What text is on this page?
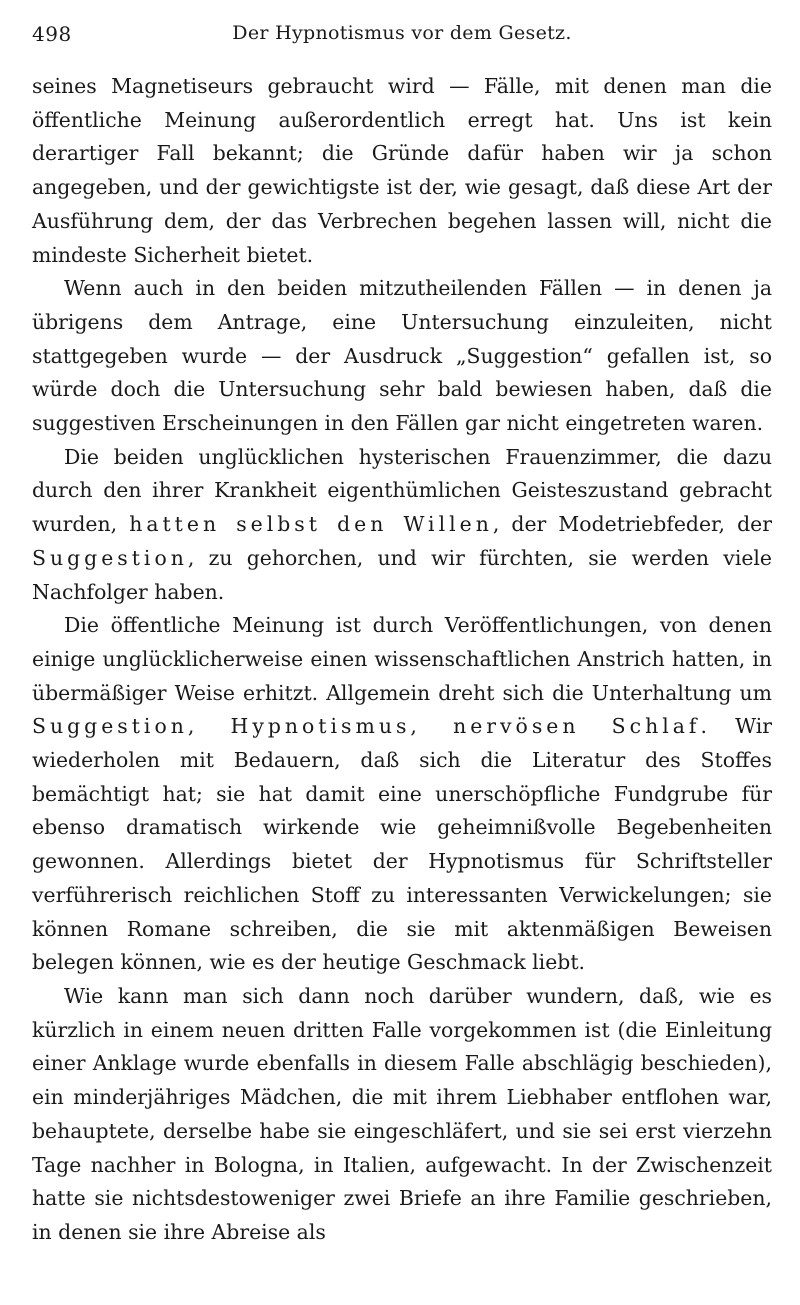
498	Der Hypnotismus vor dem Gesetz.

seines Magnetiseurs gebraucht wird — Fälle, mit denen man die öffentliche Meinung außerordentlich erregt hat. Uns ist kein derartiger Fall bekannt; die Gründe dafür haben wir ja schon angegeben, und der gewichtigste ist der, wie gesagt, daß diese Art der Ausführung dem, der das Verbrechen begehen lassen will, nicht die mindeste Sicherheit bietet.

Wenn auch in den beiden mitzutheilenden Fällen — in denen ja übrigens dem Antrage, eine Untersuchung einzuleiten, nicht stattgegeben wurde — der Ausdruck „Suggestion“ gefallen ist, so würde doch die Untersuchung sehr bald bewiesen haben, daß die suggestiven Erscheinungen in den Fällen gar nicht eingetreten waren.

Die beiden unglücklichen hysterischen Frauenzimmer, die dazu durch den ihrer Krankheit eigenthümlichen Geisteszustand gebracht wurden, hatten selbst den Willen, der Modetriebfeder, der Suggestion, zu gehorchen, und wir fürchten, sie werden viele Nachfolger haben.

Die öffentliche Meinung ist durch Veröffentlichungen, von denen einige unglücklicherweise einen wissenschaftlichen Anstrich hatten, in übermäßiger Weise erhitzt. Allgemein dreht sich die Unterhaltung um Suggestion, Hypnotismus, nervösen Schlaf. Wir wiederholen mit Bedauern, daß sich die Literatur des Stoffes bemächtigt hat; sie hat damit eine unerschöpfliche Fundgrube für ebenso dramatisch wirkende wie geheimnißvolle Begebenheiten gewonnen. Allerdings bietet der Hypnotismus für Schriftsteller verführerisch reichlichen Stoff zu interessanten Verwickelungen; sie können Romane schreiben, die sie mit aktenmäßigen Beweisen belegen können, wie es der heutige Geschmack liebt.

Wie kann man sich dann noch darüber wundern, daß, wie es kürzlich in einem neuen dritten Falle vorgekommen ist (die Einleitung einer Anklage wurde ebenfalls in diesem Falle abschlägig beschieden), ein minderjähriges Mädchen, die mit ihrem Liebhaber entflohen war, behauptete, derselbe habe sie eingeschläfert, und sie sei erst vierzehn Tage nachher in Bologna, in Italien, aufgewacht. In der Zwischenzeit hatte sie nichtsdestoweniger zwei Briefe an ihre Familie geschrieben, in denen sie ihre Abreise als
